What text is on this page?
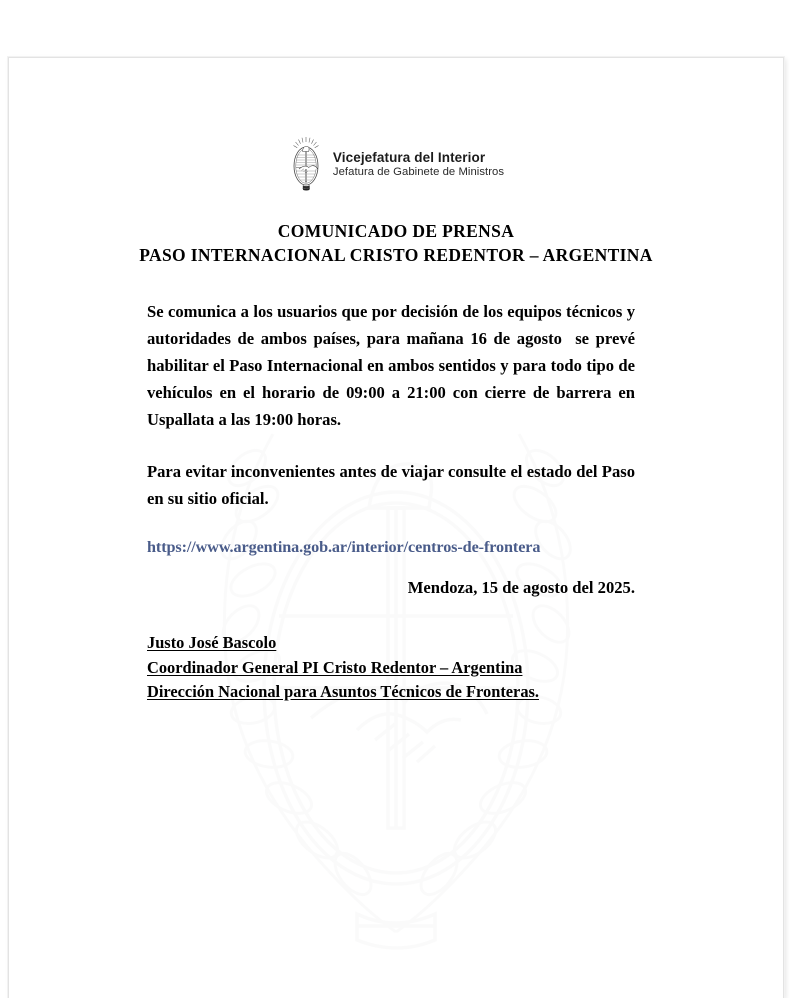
Vicejefatura del Interior
Jefatura de Gabinete de Ministros
COMUNICADO DE PRENSA
PASO INTERNACIONAL CRISTO REDENTOR – ARGENTINA

Se comunica a los usuarios que por decisión de los equipos técnicos y autoridades de ambos países, para mañana 16 de agosto  se prevé habilitar el Paso Internacional en ambos sentidos y para todo tipo de vehículos en el horario de 09:00 a 21:00 con cierre de barrera en Uspallata a las 19:00 horas.

Para evitar inconvenientes antes de viajar consulte el estado del Paso en su sitio oficial.

https://www.argentina.gob.ar/interior/centros-de-frontera
Mendoza, 15 de agosto del 2025.
Justo José Bascolo
Coordinador General PI Cristo Redentor – Argentina
Dirección Nacional para Asuntos Técnicos de Fronteras.
